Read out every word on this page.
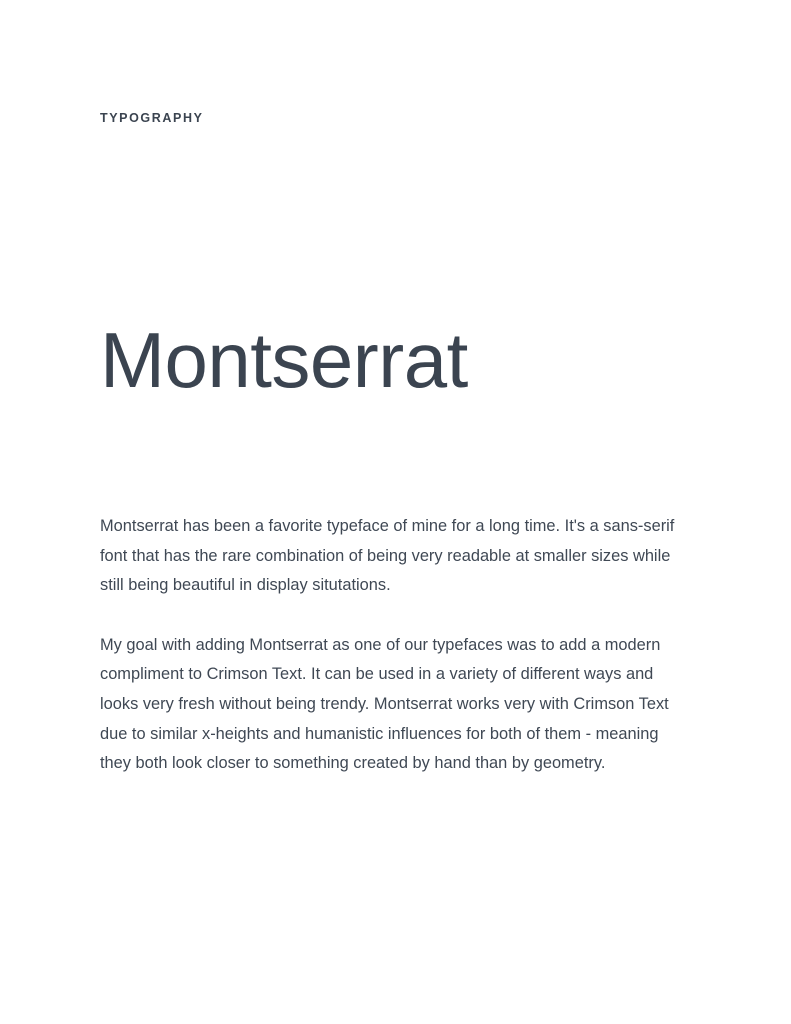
TYPOGRAPHY
Montserrat

Montserrat has been a favorite typeface of mine for a long time. It's a sans-serif font that has the rare combination of being very readable at smaller sizes while still being beautiful in display situtations.

My goal with adding Montserrat as one of our typefaces was to add a modern compliment to Crimson Text. It can be used in a variety of different ways and looks very fresh without being trendy. Montserrat works very with Crimson Text due to similar x-heights and humanistic influences for both of them - meaning they both look closer to something created by hand than by geometry.
